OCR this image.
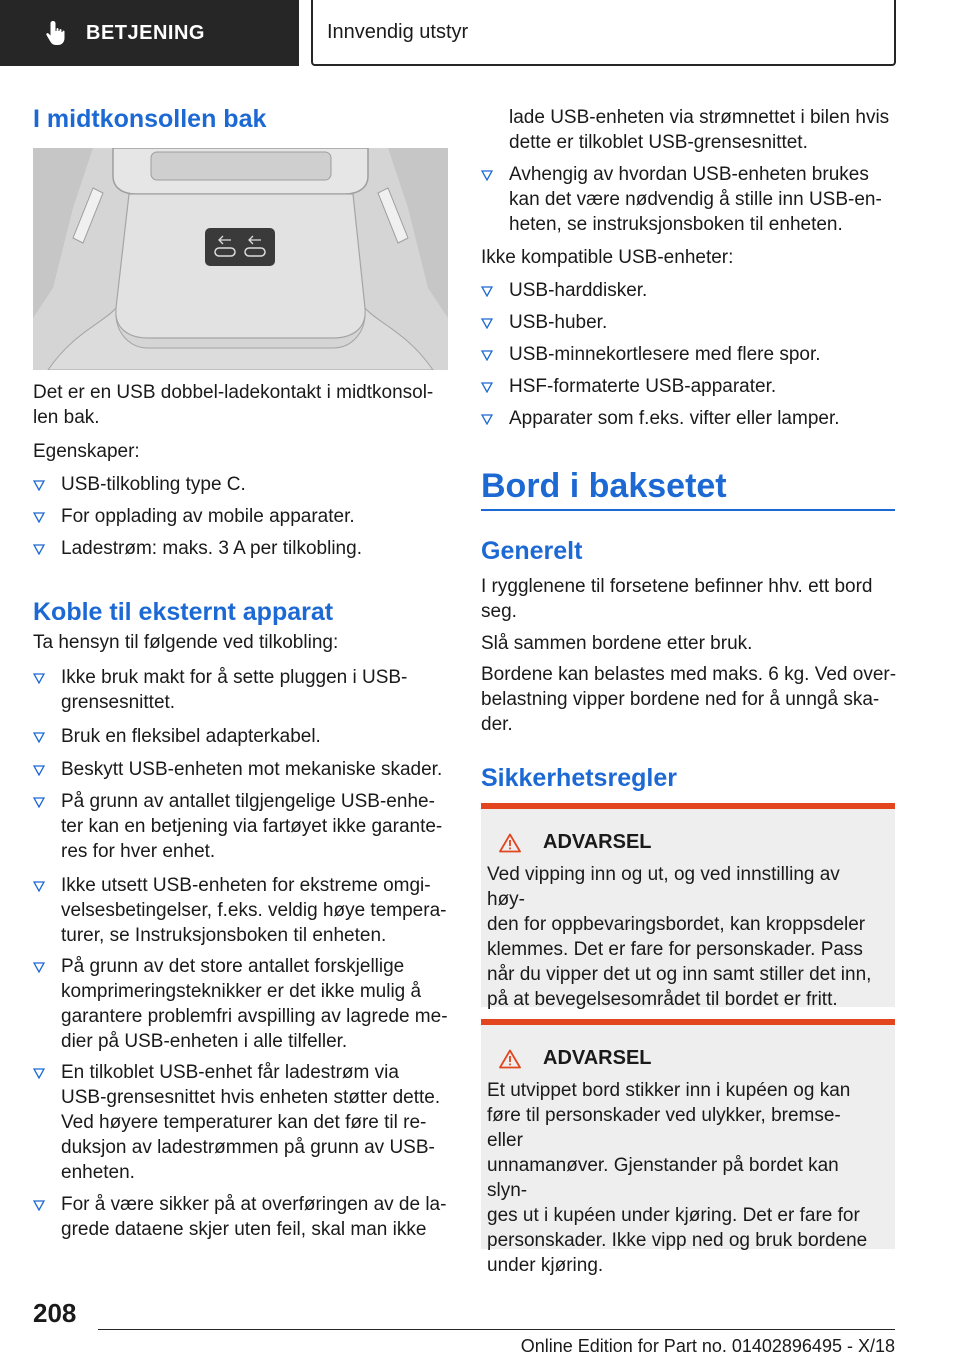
BETJENING	Innvendig utstyr
I midtkonsollen bak
Det er en USB dobbel-ladekontakt i midtkonsol-len bak.
Egenskaper:
USB-tilkobling type C.
For opplading av mobile apparater.
Ladestrøm: maks. 3 A per tilkobling.
Koble til eksternt apparat
Ta hensyn til følgende ved tilkobling:
Ikke bruk makt for å sette pluggen i USB-
grensesnittet.
Bruk en fleksibel adapterkabel.
Beskytt USB-enheten mot mekaniske skader.
På grunn av antallet tilgjengelige USB-enhe-
ter kan en betjening via fartøyet ikke garante-
res for hver enhet.
Ikke utsett USB-enheten for ekstreme omgi-
velsesbetingelser, f.eks. veldig høye tempera-
turer, se Instruksjonsboken til enheten.
På grunn av det store antallet forskjellige
komprimeringsteknikker er det ikke mulig å
garantere problemfri avspilling av lagrede me-
dier på USB-enheten i alle tilfeller.
En tilkoblet USB-enhet får ladestrøm via
USB-grensesnittet hvis enheten støtter dette.
Ved høyere temperaturer kan det føre til re-
duksjon av ladestrømmen på grunn av USB-
enheten.
For å være sikker på at overføringen av de la-
grede dataene skjer uten feil, skal man ikke
lade USB-enheten via strømnettet i bilen hvis
dette er tilkoblet USB-grensesnittet.
Avhengig av hvordan USB-enheten brukes
kan det være nødvendig å stille inn USB-en-
heten, se instruksjonsboken til enheten.
Ikke kompatible USB-enheter:
USB-harddisker.
USB-huber.
USB-minnekortlesere med flere spor.
HSF-formaterte USB-apparater.
Apparater som f.eks. vifter eller lamper.
Bord i baksetet
Generelt
I rygglenene til forsetene befinner hhv. ett bord
seg.
Slå sammen bordene etter bruk.
Bordene kan belastes med maks. 6 kg. Ved over-
belastning vipper bordene ned for å unngå ska-
der.
Sikkerhetsregler
ADVARSEL
Ved vipping inn og ut, og ved innstilling av høy-
den for oppbevaringsbordet, kan kroppsdeler
klemmes. Det er fare for personskader. Pass
når du vipper det ut og inn samt stiller det inn,
på at bevegelsesområdet til bordet er fritt.
ADVARSEL
Et utvippet bord stikker inn i kupéen og kan
føre til personskader ved ulykker, bremse- eller
unnamanøver. Gjenstander på bordet kan slyn-
ges ut i kupéen under kjøring. Det er fare for
personskader. Ikke vipp ned og bruk bordene
under kjøring.
208
Online Edition for Part no. 01402896495 - X/18
